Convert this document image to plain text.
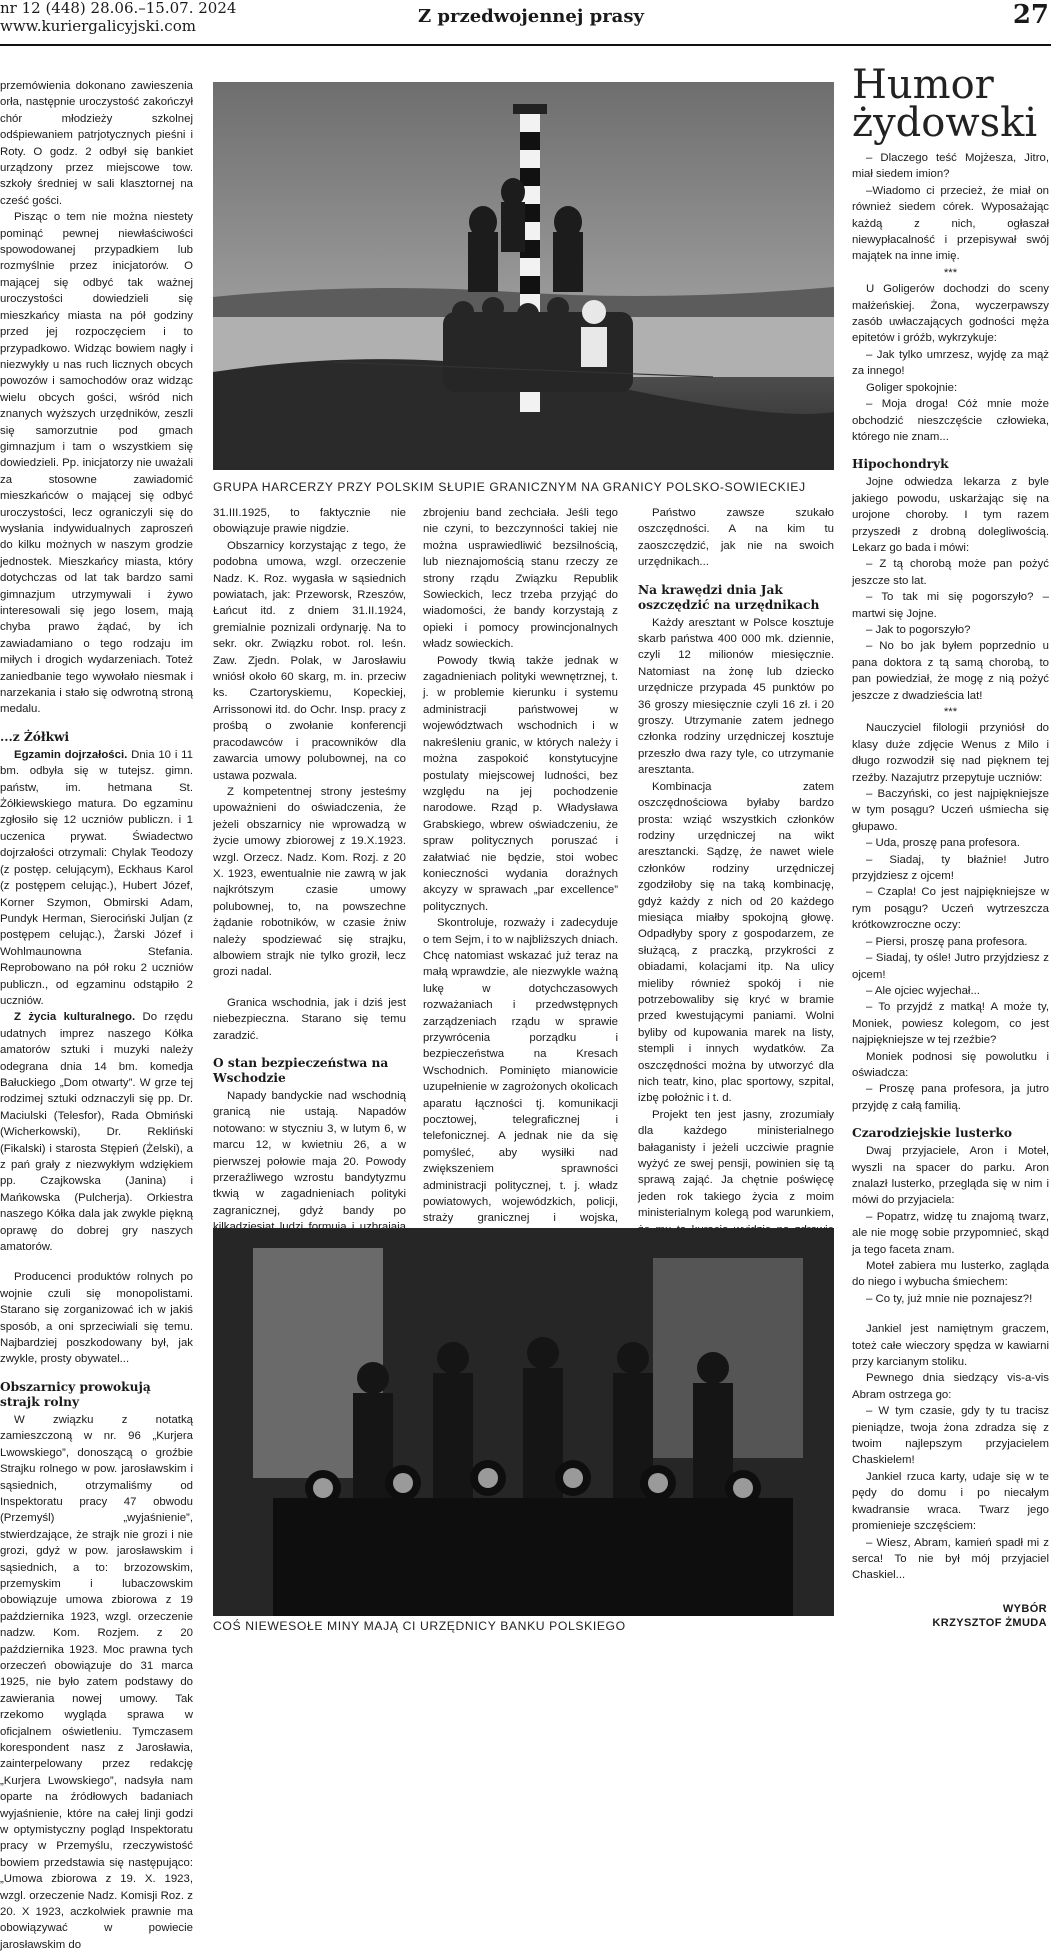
nr 12 (448) 28.06.–15.07. 2024
www.kuriergalicyjski.com	Z przedwojennej prasy	27

przemówienia dokonano zawieszenia orła, następnie uroczystość zakończył chór młodzieży szkolnej odśpiewaniem patrjotycznych pieśni i Roty. O godz. 2 odbył się bankiet urządzony przez miejscowe tow. szkoły średniej w sali klasztornej na cześć gości.

Pisząc o tem nie można niestety pominąć pewnej niewłaściwości spowodowanej przypadkiem lub rozmyślnie przez inicjatorów. O mającej się odbyć tak ważnej uroczystości dowiedzieli się mieszkańcy miasta na pół godziny przed jej rozpoczęciem i to przypadkowo. Widząc bowiem nagły i niezwykły u nas ruch licznych obcych powozów i samochodów oraz widząc wielu obcych gości, wśród nich znanych wyższych urzędników, zeszli się samorzutnie pod gmach gimnazjum i tam o wszystkiem się dowiedzieli. Pp. inicjatorzy nie uważali za stosowne zawiadomić mieszkańców o mającej się odbyć uroczystości, lecz ograniczyli się do wysłania indywidualnych zaproszeń do kilku możnych w naszym grodzie jednostek. Mieszkańcy miasta, który dotychczas od lat tak bardzo sami gimnazjum utrzymywali i żywo interesowali się jego losem, mają chyba prawo żądać, by ich zawiadamiano o tego rodzaju im miłych i drogich wydarzeniach. Toteż zaniedbanie tego wywołało niesmak i narzekania i stało się odwrotną stroną medalu.

...z Żółkwi

Egzamin dojrzałości. Dnia 10 i 11 bm. odbyła się w tutejsz. gimn. państw, im. hetmana St. Żółkiewskiego matura. Do egzaminu zgłosiło się 12 uczniów publiczn. i 1 uczenica prywat. Świadectwo dojrzałości otrzymali: Chylak Teodozy (z postęp. celującym), Eckhaus Karol (z postępem celując.), Hubert Józef, Korner Szymon, Obmirski Adam, Pundyk Herman, Sierociński Juljan (z postępem celując.), Żarski Józef i Wohlmaunowna Stefania. Reprobowano na pół roku 2 uczniów publiczn., od egzaminu odstąpiło 2 uczniów.

Z życia kulturalnego. Do rzędu udatnych imprez naszego Kółka amatorów sztuki i muzyki należy odegrana dnia 14 bm. komedja Bałuckiego „Dom otwarty”. W grze tej rodzimej sztuki odznaczyli się pp. Dr. Maciulski (Telesfor), Rada Obmiński (Wicherkowski), Dr. Rekliński (Fikalski) i starosta Stępień (Żelski), a z pań grały z niezwykłym wdziękiem pp. Czajkowska (Janina) i Mańkowska (Pulcherja). Orkiestra naszego Kółka dala jak zwykle piękną oprawę do dobrej gry naszych amatorów.

Producenci produktów rolnych po wojnie czuli się monopolistami. Starano się zorganizować ich w jakiś sposób, a oni sprzeciwiali się temu. Najbardziej poszkodowany był, jak zwykle, prosty obywatel...

Obszarnicy prowokują strajk rolny

W związku z notatką zamieszczoną w nr. 96 „Kurjera Lwowskiego”, donoszącą o groźbie Strajku rolnego w pow. jarosławskim i sąsiednich, otrzymaliśmy od Inspektoratu pracy 47 obwodu (Przemyśl) „wyjaśnienie”, stwierdzające, że strajk nie grozi i nie grozi, gdyż w pow. jarosławskim i sąsiednich, a to: brzozowskim, przemyskim i lubaczowskim obowiązuje umowa zbiorowa z 19 października 1923, wzgl. orzeczenie nadzw. Kom. Rozjem. z 20 października 1923. Moc prawna tych orzeczeń obowiązuje do 31 marca 1925, nie było zatem podstawy do zawierania nowej umowy. Tak rzekomo wygląda sprawa w oficjalnem oświetleniu. Tymczasem korespondent nasz z Jarosławia, zainterpelowany przez redakcję „Kurjera Lwowskiego”, nadsyła nam oparte na źródłowych badaniach wyjaśnienie, które na całej linji godzi w optymistyczny pogląd Inspektoratu pracy w Przemyślu, rzeczywistość bowiem przedstawia się następująco: „Umowa zbiorowa z 19. X. 1923, wzgl. orzeczenie Nadz. Komisji Roz. z 20. X 1923, aczkolwiek prawnie ma obowiązywać w powiecie jarosławskim do

GRUPA HARCERZY PRZY POLSKIM SŁUPIE GRANICZNYM NA GRANICY POLSKO-SOWIECKIEJ

31.III.1925, to faktycznie nie obowiązuje prawie nigdzie.

Obszarnicy korzystając z tego, że podobna umowa, wzgl. orzeczenie Nadz. K. Roz. wygasła w sąsiednich powiatach, jak: Przeworsk, Rzeszów, Łańcut itd. z dniem 31.II.1924, gremialnie poznizali ordynarję. Na to sekr. okr. Związku robot. rol. leśn. Zaw. Zjedn. Polak, w Jarosławiu wniósł około 60 skarg, m. in. przeciw ks. Czartoryskiemu, Kopeckiej, Arrissonowi itd. do Ochr. Insp. pracy z prośbą o zwołanie konferencji pracodawców i pracowników dla zawarcia umowy polubownej, na co ustawa pozwala.

Z kompetentnej strony jesteśmy upoważnieni do oświadczenia, że jeżeli obszarnicy nie wprowadzą w życie umowy zbiorowej z 19.X.1923. wzgl. Orzecz. Nadz. Kom. Rozj. z 20 X. 1923, ewentualnie nie zawrą w jak najkrótszym czasie umowy polubownej, to, na powszechne żądanie robotników, w czasie żniw należy spodziewać się strajku, albowiem strajk nie tylko groził, lecz grozi nadal.

Granica wschodnia, jak i dziś jest niebezpieczna. Starano się temu zaradzić.

O stan bezpieczeństwa na Wschodzie

Napady bandyckie nad wschodnią granicą nie ustają. Napadów notowano: w styczniu 3, w lutym 6, w marcu 12, w kwietniu 26, a w pierwszej połowie maja 20. Powody przeraźliwego wzrostu bandytyzmu tkwią w zagadnieniach polityki zagranicznej, gdyż bandy po

zbrojeniu band zechciała. Jeśli tego nie czyni, to bezczynności takiej nie można usprawiedliwić bezsilnością, lub nieznajomością stanu rzeczy ze strony rządu Związku Republik Sowieckich, lecz trzeba przyjąć do wiadomości, że bandy korzystają z opieki i pomocy prowincjonalnych władz sowieckich.

Powody tkwią także jednak w zagadnieniach polityki wewnętrznej, t. j. w problemie kierunku i systemu administracji państwowej w województwach wschodnich i w nakreśleniu granic, w których należy i można zaspokoić konstytucyjne postulaty miejscowej ludności, bez względu na jej pochodzenie narodowe. Rząd p. Władysława Grabskiego, wbrew oświadczeniu, że spraw politycznych poruszać i załatwiać nie będzie, stoi wobec konieczności wydania doraźnych akcyzy w sprawach „par excellence” politycznych.

Skontroluje, rozważy i zadecyduje o tem Sejm, i to w najbliższych dniach. Chcę natomiast wskazać już teraz na małą wprawdzie, ale niezwykle ważną lukę w dotychczasowych rozważaniach i przedwstępnych zarządzeniach rządu w sprawie przywrócenia porządku i bezpieczeństwa na Kresach Wschodnich. Pominięto mianowicie uzupełnienie w zagrożonych okolicach aparatu łączności tj. komunikacji pocztowej, telegraficznej i telefonicznej. A jednak nie da się pomyśleć, aby wysiłki nad zwiększeniem sprawności administracji politycznej, t. j. władz powiatowych, wojewódzkich, policji, straży granicznej i wojska,

Państwo zawsze szukało oszczędności. A na kim tu zaoszczędzić, jak nie na swoich urzędnikach...

Na krawędzi dnia Jak oszczędzić na urzędnikach

Każdy aresztant w Polsce kosztuje skarb państwa 400 000 mk. dziennie, czyli 12 milionów miesięcznie. Natomiast na żonę lub dziecko urzędnicze przypada 45 punktów po 36 groszy miesięcznie czyli 16 zł. i 20 groszy. Utrzymanie zatem jednego członka rodziny urzędniczej kosztuje przeszło dwa razy tyle, co utrzymanie aresztanta.

Kombinacja zatem oszczędnościowa byłaby bardzo prosta: wziąć wszystkich członków rodziny urzędniczej na wikt aresztancki. Sądzę, że nawet wiele członków rodziny urzędniczej zgodziłoby się na taką kombinację, gdyż każdy z nich od 20 każdego miesiąca miałby spokojną głowę. Odpadłyby spory z gospodarzem, ze służącą, z praczką, przykrości z obiadami, kolacjami itp. Na ulicy mieliby również spokój i nie potrzebowaliby się kryć w bramie przed kwestującymi paniami. Wolni byliby od kupowania marek na listy, stempli i innych wydatków. Za oszczędności można by utworzyć dla nich teatr, kino, plac sportowy, szpital, izbę położnic i t. d.

Projekt ten jest jasny, zrozumiały dla każdego ministerialnego bałaganisty i jeżeli uczciwie pragnie wyżyć ze swej pensji, powinien się tą sprawą zająć. Ja chętnie poświęcę jeden rok takiego życia z moim ministerialnym kolegą pod warunkiem,

COŚ NIEWESOŁE MINY MAJĄ CI URZĘDNICY BANKU POLSKIEGO
Humor żydowski

– Dlaczego teść Mojżesza, Jitro, miał siedem imion?

–Wiadomo ci przecież, że miał on również siedem córek. Wyposażając każdą z nich, ogłaszał niewypłacalność i przepisywał swój majątek na inne imię.

***

U Goligerów dochodzi do sceny małżeńskiej. Żona, wyczerpawszy zasób uwłaczających godności męża epitetów i gróźb, wykrzykuje:

– Jak tylko umrzesz, wyjdę za mąż za innego!

Goliger spokojnie:

– Moja droga! Cóż mnie może obchodzić nieszczęście człowieka, którego nie znam...

Hipochondryk

Jojne odwiedza lekarza z byle jakiego powodu, uskarżając się na urojone choroby. I tym razem przyszedł z drobną dolegliwością. Lekarz go bada i mówi:

– Z tą chorobą może pan pożyć jeszcze sto lat.

– To tak mi się pogorszyło? – martwi się Jojne.

– Jak to pogorszyło?

– No bo jak byłem poprzednio u pana doktora z tą samą chorobą, to pan powiedział, że mogę z nią pożyć jeszcze z dwadzieścia lat!

***

Nauczyciel filologii przyniósł do klasy duże zdjęcie Wenus z Milo i długo rozwodził się nad pięknem tej rzeźby. Nazajutrz przepytuje uczniów:

– Baczyński, co jest najpiękniejsze w tym posągu? Uczeń uśmiecha się głupawo.

– Uda, proszę pana profesora.

– Siadaj, ty błaźnie! Jutro przyjdziesz z ojcem!

– Czapla! Co jest najpiękniejsze w rym posągu? Uczeń wytrzeszcza krótkowzroczne oczy:

– Piersi, proszę pana profesora.

– Siadaj, ty ośle! Jutro przyjdziesz z ojcem!

– Ale ojciec wyjechał...

– To przyjdź z matką! A może ty, Moniek, powiesz kolegom, co jest najpiękniejsze w tej rzeźbie?

Moniek podnosi się powolutku i oświadcza:

– Proszę pana profesora, ja jutro przyjdę z całą familią.

Czarodziejskie lusterko

Dwaj przyjaciele, Aron i Moteł, wyszli na spacer do parku. Aron znalazł lusterko, przegląda się w nim i mówi do przyjaciela:

– Popatrz, widzę tu znajomą twarz, ale nie mogę sobie przypomnieć, skąd ja tego faceta znam.

Moteł zabiera mu lusterko, zagląda do niego i wybucha śmiechem:

– Co ty, już mnie nie poznajesz?!

Jankiel jest namiętnym graczem, toteż całe wieczory spędza w kawiarni przy karcianym stoliku.

Pewnego dnia siedzący vis-a-vis Abram ostrzega go:

– W tym czasie, gdy ty tu tracisz pieniądze, twoja żona zdradza się z twoim najlepszym przyjacielem Chaskielem!

Jankiel rzuca karty, udaje się w te pędy do domu i po niecałym kwadransie wraca. Twarz jego promienieje szczęściem:

– Wiesz, Abram, kamień spadł mi z serca! To nie był mój przyjaciel Chaskiel...

WYBÓR
KRZYSZTOF ŻMUDA
